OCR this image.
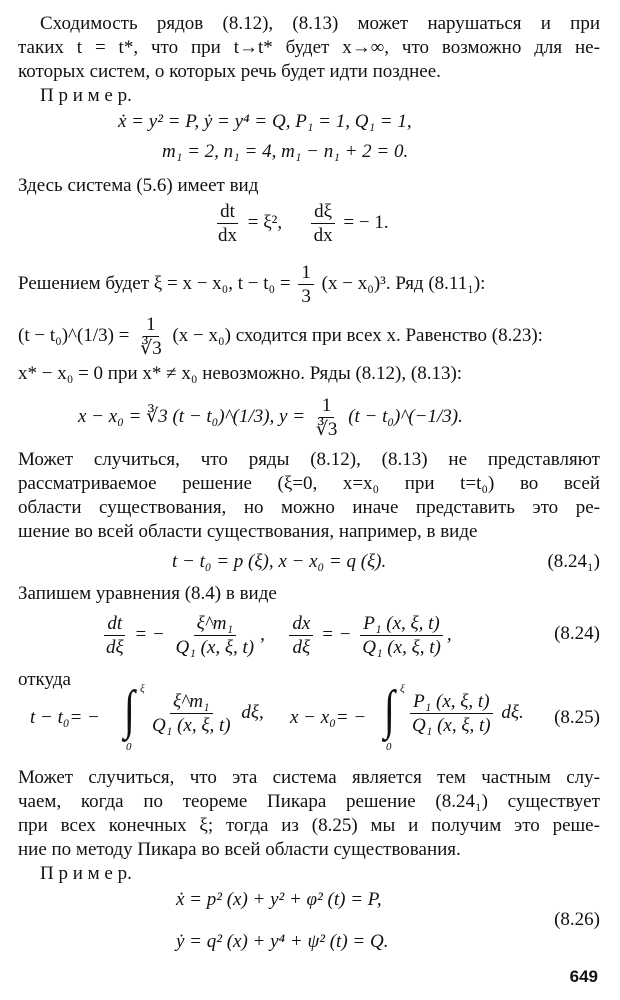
Сходимость рядов (8.12), (8.13) может нарушаться и при
таких t = t*, что при t→t* будет x→∞, что возможно для не-
которых систем, о которых речь будет идти позднее.
П р и м е р.
ẋ = y² = P, ẏ = y⁴ = Q, P₁ = 1, Q₁ = 1,
m₁ = 2, n₁ = 4, m₁ − n₁ + 2 = 0.
Здесь система (5.6) имеет вид
$\frac{dt}{dx} = \xi^2$, $\frac{d\xi}{dx}$ = − 1.
Решением будет ξ = x − x₀, $t - t_0 = \frac{1}{3} (x - x_0)^3$. Ряд (8.11₁):
(t − t₀)^(1/3) = $\frac{1}{∛3} (x - x_0)$ сходится при всех x. Равенство (8.23):
x* − x₀ = 0 при x* ≠ x₀ невозможно. Ряды (8.12), (8.13):
x − x₀ = ∛3 (t − t₀)^(1/3), $y = \frac{1}{∛3} (t$ − t₀)^(−1/3).
Может случиться, что ряды (8.12), (8.13) не представляют
рассматриваемое решение (ξ=0, x=x₀ при t=t₀) во всей
области существования, но можно иначе представить это ре-
шение во всей области существования, например, в виде
t − t₀ = p (ξ), x − x₀ = q (ξ).	(8.24₁)
Запишем уравнения (8.4) в виде
$\frac{dt}{d\xi}$ = − $\frac{\text{ξ\textasciicircum{}m₁}}{\text{Q₁ (x, ξ, t)}}$ , $\frac{dx}{d\xi}$ = − $\frac{\text{P₁ (x, ξ, t)}}{\text{Q₁ (x, ξ, t)}}$ ,	(8.24)
откуда
t − t₀= − ∫ ξ
0
$\frac{\text{ξ\textasciicircum{}m₁}}{\text{Q₁ (x, ξ, t)}} d\xi$, x − x₀= − ∫ ξ
0
$\frac{\text{P₁ (x, ξ, t)}}{\text{Q₁ (x, ξ, t)}} d\xi$. (8.25)
Может случиться, что эта система является тем частным слу-
чаем, когда по теореме Пикара решение (8.24₁) существует
при всех конечных ξ; тогда из (8.25) мы и получим это реше-
ние по методу Пикара во всей области существования.
П р и м е р.
ẋ = p² (x) + y² + φ² (t) = P,
(8.26)
ẏ = q² (x) + y⁴ + ψ² (t) = Q.
649
